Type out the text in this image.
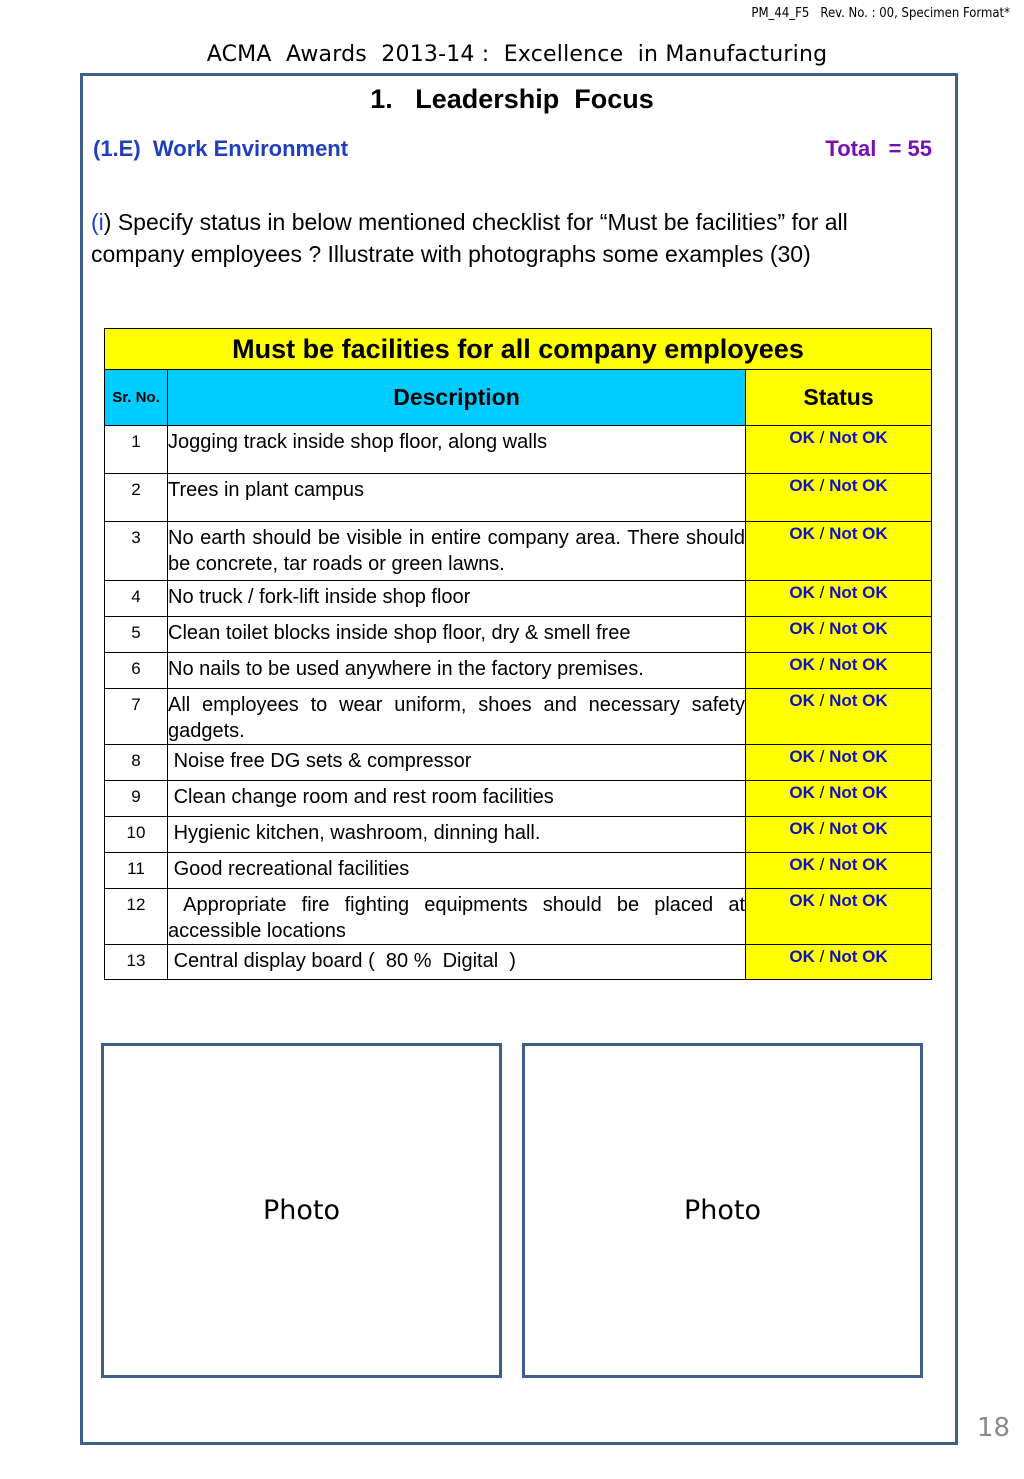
PM_44_F5   Rev. No. : 00, Specimen Format*
ACMA  Awards  2013-14 :  Excellence  in Manufacturing
1.   Leadership  Focus
(1.E)  Work Environment	Total  = 55
(i) Specify status in below mentioned checklist for “Must be facilities” for all company employees ? Illustrate with photographs some examples (30)
Must be facilities for all company employees		
Sr. No.	Description	Status
1	Jogging track inside shop floor, along walls	OK / Not OK
2	Trees in plant campus	OK / Not OK
3	No earth should be visible in entire company area. There should be concrete, tar roads or green lawns.	OK / Not OK
4	No truck / fork-lift inside shop floor	OK / Not OK
5	Clean toilet blocks inside shop floor, dry & smell free	OK / Not OK
6	No nails to be used anywhere in the factory premises.	OK / Not OK
7	All employees to wear uniform, shoes and necessary safety gadgets.	OK / Not OK
8	Noise free DG sets & compressor	OK / Not OK
9	Clean change room and rest room facilities	OK / Not OK
10	Hygienic kitchen, washroom, dinning hall.	OK / Not OK
11	Good recreational facilities	OK / Not OK
12	Appropriate fire fighting equipments should be placed at accessible locations	OK / Not OK
13	Central display board (  80 %  Digital  )	OK / Not OK
Photo	Photo
18
